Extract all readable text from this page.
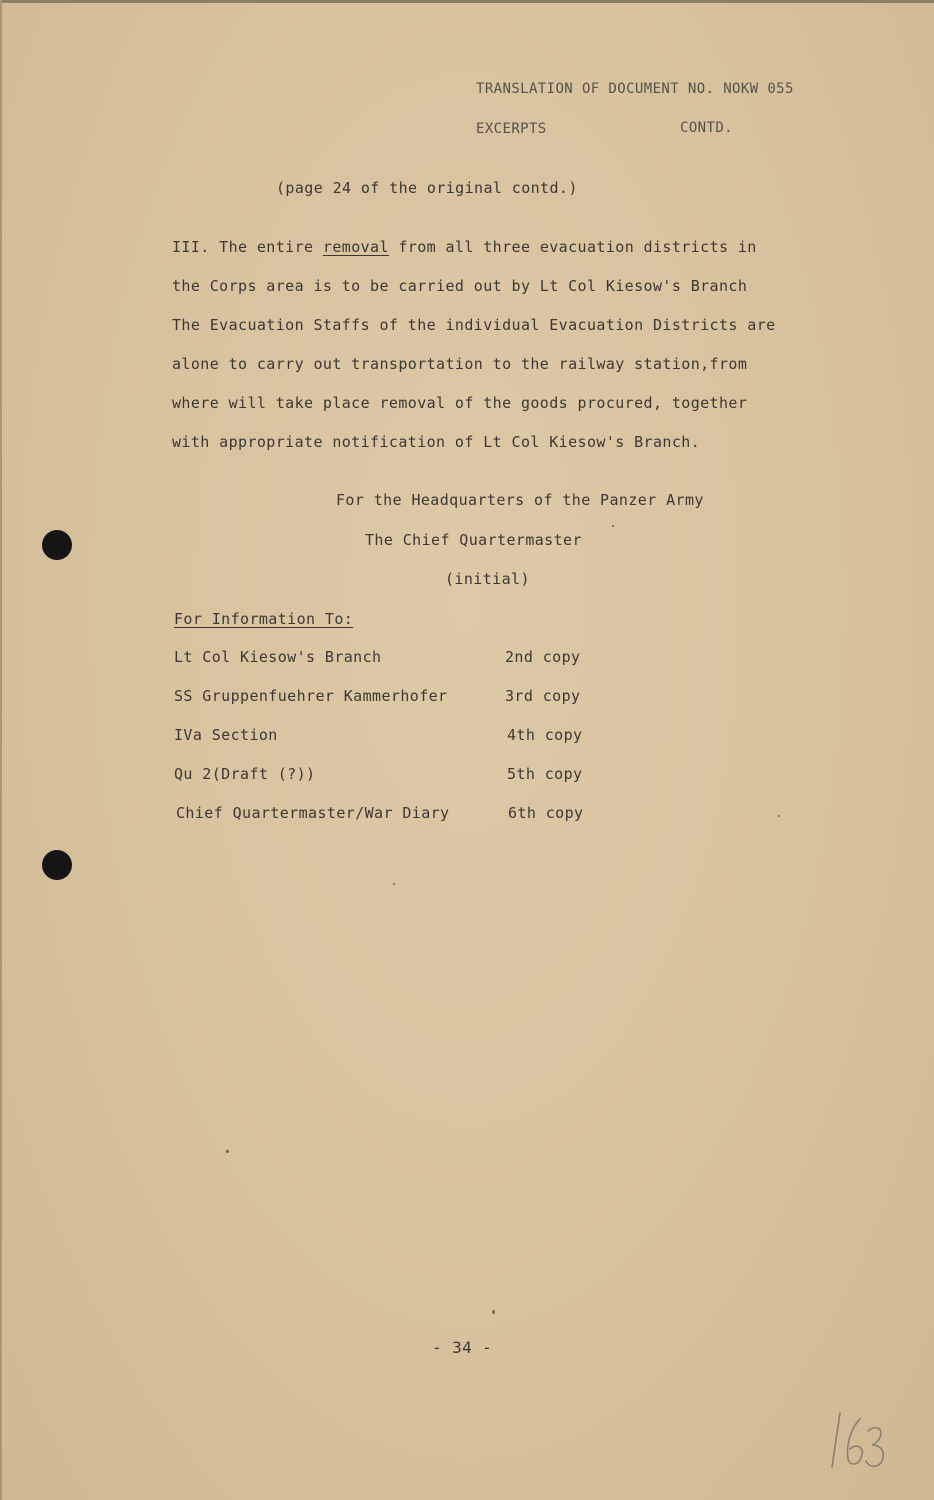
TRANSLATION OF DOCUMENT NO. NOKW 055
EXCERPTS	CONTD.
(page 24 of the original contd.)
III. The entire removal from all three evacuation districts in
the Corps area is to be carried out by Lt Col Kiesow's Branch
The Evacuation Staffs of the individual Evacuation Districts are
alone to carry out transportation to the railway station,from
where will take place removal of the goods procured, together
with appropriate notification of Lt Col Kiesow's Branch.
For the Headquarters of the Panzer Army
The Chief Quartermaster
(initial)
For Information To:
Lt Col Kiesow's Branch	2nd copy
SS Gruppenfuehrer Kammerhofer	3rd copy
IVa Section	4th copy
Qu 2(Draft (?))	5th copy
Chief Quartermaster/War Diary	6th copy
- 34 -
